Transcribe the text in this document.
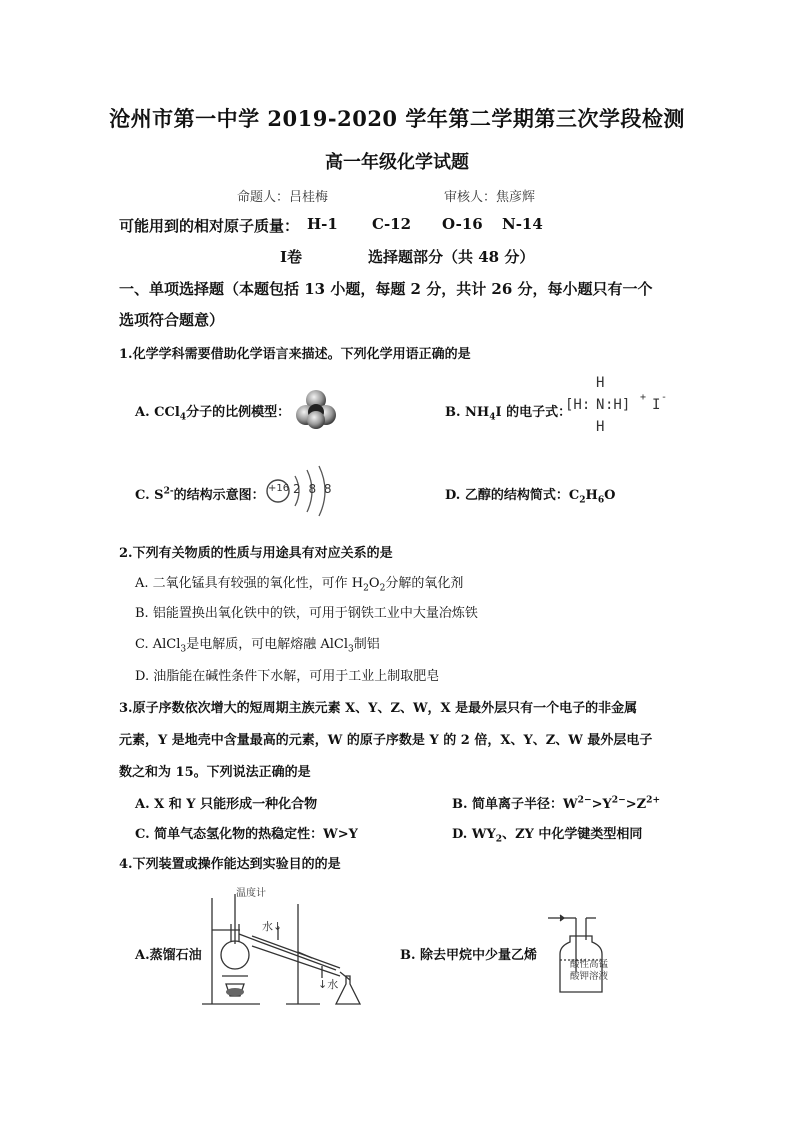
沧州市第一中学 2019-2020 学年第二学期第三次学段检测
高一年级化学试题
命题人：吕桂梅	审核人：焦彦辉
可能用到的相对原子质量： H-1 C-12 O-16 N-14
Ⅰ卷	选择题部分（共 48 分）
一、单项选择题（本题包括 13 小题，每题 2 分，共计 26 分，每小题只有一个
选项符合题意）
1.化学学科需要借助化学语言来描述。下列化学用语正确的是
A. CCl$_4$分子的比例模型：	B. $NH_4I$ 的电子式：
H
[H: N :H] + I -
H
C. $S^{2-}$的结构示意图： +16 2 8 8	D. 乙醇的结构简式：$C_2H_6O$
2.下列有关物质的性质与用途具有对应关系的是
A. 二氧化锰具有较强的氧化性，可作 $H_2O_2$分解的氧化剂
B. 铝能置换出氧化铁中的铁，可用于钢铁工业中大量冶炼铁
C. AlCl$_3$是电解质，可电解熔融 AlCl$_3$制铝
D. 油脂能在碱性条件下水解，可用于工业上制取肥皂
3.原子序数依次增大的短周期主族元素 X、Y、Z、W，X 是最外层只有一个电子的非金属
元素，Y 是地壳中含量最高的元素，W 的原子序数是 Y 的 2 倍，X、Y、Z、W 最外层电子
数之和为 15。下列说法正确的是
A. X 和 Y 只能形成一种化合物	B. 简单离子半径：$W^{2-}>Y^{2-}>Z^{2+}$
C. 简单气态氢化物的热稳定性：W>Y	D. $WY_2$、ZY 中化学键类型相同
4.下列装置或操作能达到实验目的的是
A.蒸馏石油
温度计
水↓
↓水
B. 除去甲烷中少量乙烯
酸性高锰
酸钾溶液
